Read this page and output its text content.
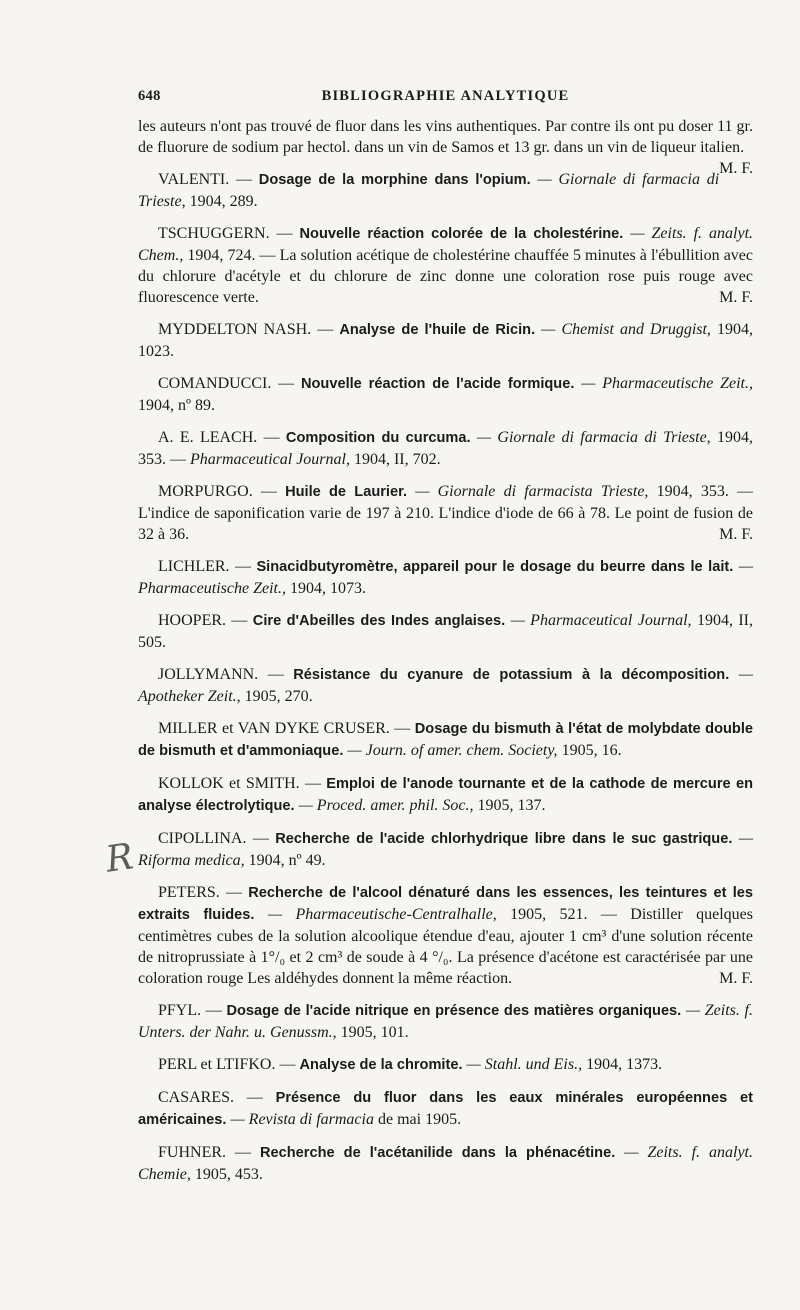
R
648	BIBLIOGRAPHIE ANALYTIQUE

les auteurs n'ont pas trouvé de fluor dans les vins authentiques. Par contre ils ont pu doser 11 gr. de fluorure de sodium par hectol. dans un vin de Samos et 13 gr. dans un vin de liqueur italien.
M. F.

VALENTI. — Dosage de la morphine dans l'opium. — Giornale di farmacia di Trieste, 1904, 289.

TSCHUGGERN. — Nouvelle réaction colorée de la cholestérine. — Zeits. f. analyt. Chem., 1904, 724. — La solution acétique de cholestérine chauffée 5 minutes à l'ébullition avec du chlorure d'acétyle et du chlorure de zinc donne une coloration rose puis rouge avec fluorescence verte.	M. F.

MYDDELTON NASH. — Analyse de l'huile de Ricin. — Chemist and Druggist, 1904, 1023.

COMANDUCCI. — Nouvelle réaction de l'acide formique. — Pharmaceutische Zeit., 1904, nº 89.

A. E. LEACH. — Composition du curcuma. — Giornale di farmacia di Trieste, 1904, 353. — Pharmaceutical Journal, 1904, II, 702.

MORPURGO. — Huile de Laurier. — Giornale di farmacista Trieste, 1904, 353. — L'indice de saponification varie de 197 à 210. L'indice d'iode de 66 à 78. Le point de fusion de 32 à 36.	M. F.

LICHLER. — Sinacidbutyromètre, appareil pour le dosage du beurre dans le lait. — Pharmaceutische Zeit., 1904, 1073.

HOOPER. — Cire d'Abeilles des Indes anglaises. — Pharmaceutical Journal, 1904, II, 505.

JOLLYMANN. — Résistance du cyanure de potassium à la décomposition. — Apotheker Zeit., 1905, 270.

MILLER et VAN DYKE CRUSER. — Dosage du bismuth à l'état de molybdate double de bismuth et d'ammoniaque. — Journ. of amer. chem. Society, 1905, 16.

KOLLOK et SMITH. — Emploi de l'anode tournante et de la cathode de mercure en analyse électrolytique. — Proced. amer. phil. Soc., 1905, 137.

CIPOLLINA. — Recherche de l'acide chlorhydrique libre dans le suc gastrique. — Riforma medica, 1904, nº 49.

PETERS. — Recherche de l'alcool dénaturé dans les essences, les teintures et les extraits fluides. — Pharmaceutische-Centralhalle, 1905, 521. — Distiller quelques centimètres cubes de la solution alcoolique étendue d'eau, ajouter 1 cm³ d'une solution récente de nitroprussiate à 1°/₀ et 2 cm³ de soude à 4 °/₀. La présence d'acétone est caractérisée par une coloration rouge Les aldéhydes donnent la même réaction.	M. F.

PFYL. — Dosage de l'acide nitrique en présence des matières organiques. — Zeits. f. Unters. der Nahr. u. Genussm., 1905, 101.

PERL et LTIFKO. — Analyse de la chromite. — Stahl. und Eis., 1904, 1373.

CASARES. — Présence du fluor dans les eaux minérales européennes et américaines. — Revista di farmacia de mai 1905.

FUHNER. — Recherche de l'acétanilide dans la phénacétine. — Zeits. f. analyt. Chemie, 1905, 453.
